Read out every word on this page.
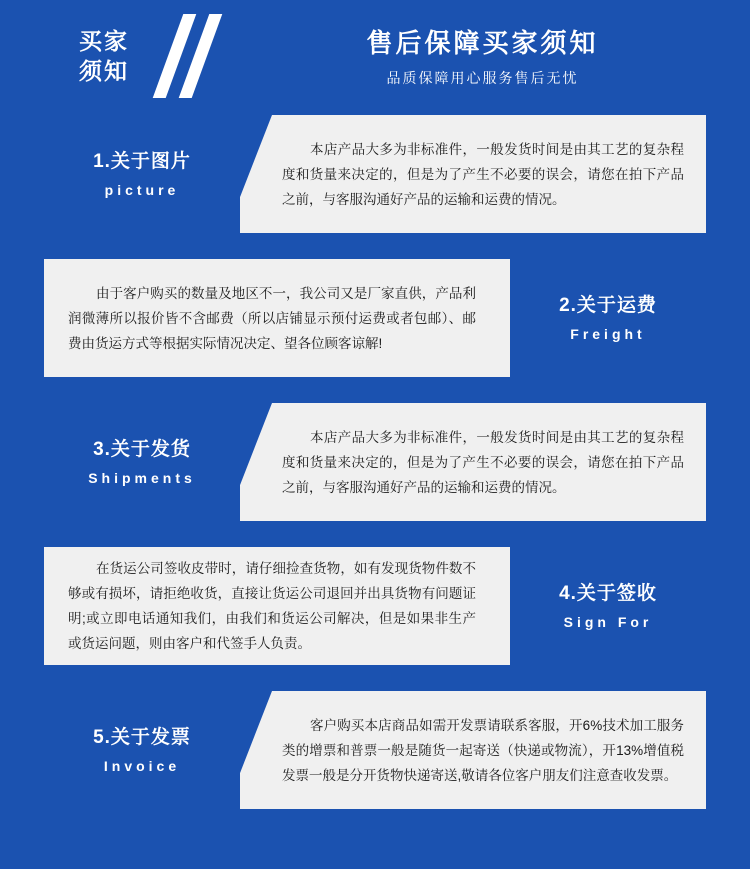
买家
须知
售后保障买家须知
品质保障用心服务售后无忧
1.关于图片
picture

本店产品大多为非标准件，一般发货时间是由其工艺的复杂程度和货量来决定的，但是为了产生不必要的误会，请您在拍下产品之前，与客服沟通好产品的运输和运费的情况。

2.关于运费
Freight

由于客户购买的数量及地区不一，我公司又是厂家直供，产品利润微薄所以报价皆不含邮费（所以店铺显示预付运费或者包邮）、邮费由货运方式等根据实际情况决定、望各位顾客谅解!

3.关于发货
Shipments

本店产品大多为非标准件，一般发货时间是由其工艺的复杂程度和货量来决定的，但是为了产生不必要的误会，请您在拍下产品之前，与客服沟通好产品的运输和运费的情况。

4.关于签收
Sign For

在货运公司签收皮带时，请仔细捡查货物，如有发现货物件数不够或有损坏，请拒绝收货，直接让货运公司退回并出具货物有问题证明;或立即电话通知我们，由我们和货运公司解决，但是如果非生产或货运问题，则由客户和代签手人负责。

5.关于发票
Invoice

客户购买本店商品如需开发票请联系客服，开6%技术加工服务类的增票和普票一般是随货一起寄送（快递或物流），开13%增值税发票一般是分开货物快递寄送,敬请各位客户朋友们注意查收发票。
